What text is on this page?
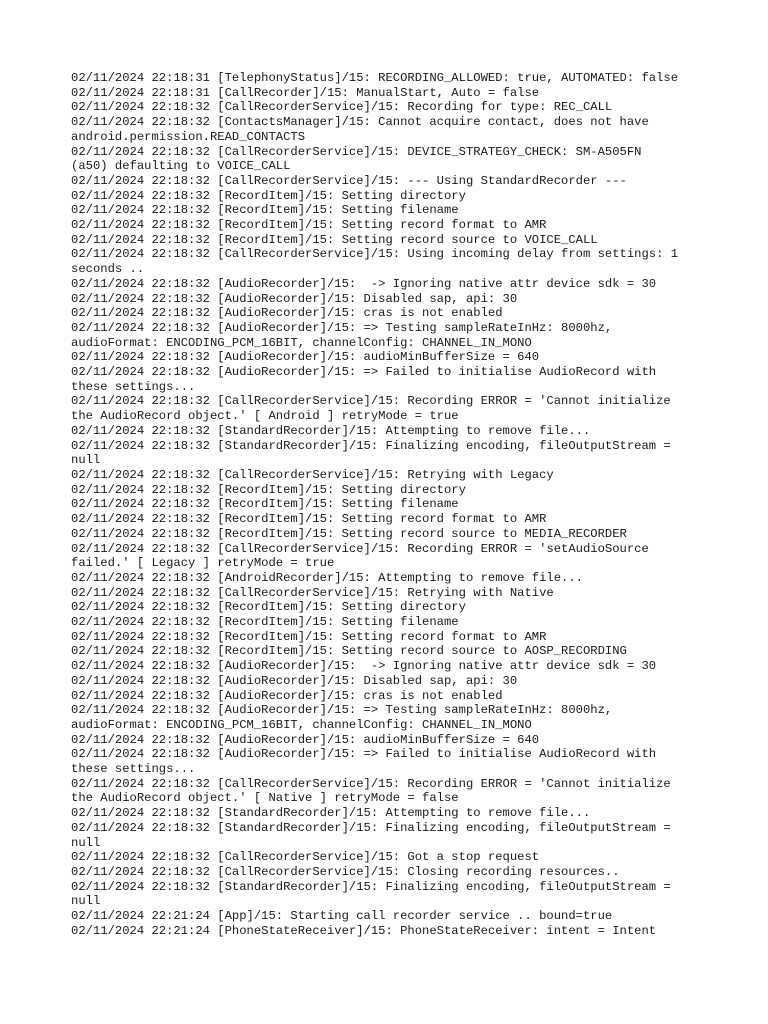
02/11/2024 22:18:31 [TelephonyStatus]/15: RECORDING_ALLOWED: true, AUTOMATED: false
02/11/2024 22:18:31 [CallRecorder]/15: ManualStart, Auto = false
02/11/2024 22:18:32 [CallRecorderService]/15: Recording for type: REC_CALL
02/11/2024 22:18:32 [ContactsManager]/15: Cannot acquire contact, does not have
android.permission.READ_CONTACTS
02/11/2024 22:18:32 [CallRecorderService]/15: DEVICE_STRATEGY_CHECK: SM-A505FN
(a50) defaulting to VOICE_CALL
02/11/2024 22:18:32 [CallRecorderService]/15: --- Using StandardRecorder ---
02/11/2024 22:18:32 [RecordItem]/15: Setting directory
02/11/2024 22:18:32 [RecordItem]/15: Setting filename
02/11/2024 22:18:32 [RecordItem]/15: Setting record format to AMR
02/11/2024 22:18:32 [RecordItem]/15: Setting record source to VOICE_CALL
02/11/2024 22:18:32 [CallRecorderService]/15: Using incoming delay from settings: 1
seconds ..
02/11/2024 22:18:32 [AudioRecorder]/15:  -> Ignoring native attr device sdk = 30
02/11/2024 22:18:32 [AudioRecorder]/15: Disabled sap, api: 30
02/11/2024 22:18:32 [AudioRecorder]/15: cras is not enabled
02/11/2024 22:18:32 [AudioRecorder]/15: => Testing sampleRateInHz: 8000hz,
audioFormat: ENCODING_PCM_16BIT, channelConfig: CHANNEL_IN_MONO
02/11/2024 22:18:32 [AudioRecorder]/15: audioMinBufferSize = 640
02/11/2024 22:18:32 [AudioRecorder]/15: => Failed to initialise AudioRecord with
these settings...
02/11/2024 22:18:32 [CallRecorderService]/15: Recording ERROR = 'Cannot initialize
the AudioRecord object.' [ Android ] retryMode = true
02/11/2024 22:18:32 [StandardRecorder]/15: Attempting to remove file...
02/11/2024 22:18:32 [StandardRecorder]/15: Finalizing encoding, fileOutputStream =
null
02/11/2024 22:18:32 [CallRecorderService]/15: Retrying with Legacy
02/11/2024 22:18:32 [RecordItem]/15: Setting directory
02/11/2024 22:18:32 [RecordItem]/15: Setting filename
02/11/2024 22:18:32 [RecordItem]/15: Setting record format to AMR
02/11/2024 22:18:32 [RecordItem]/15: Setting record source to MEDIA_RECORDER
02/11/2024 22:18:32 [CallRecorderService]/15: Recording ERROR = 'setAudioSource
failed.' [ Legacy ] retryMode = true
02/11/2024 22:18:32 [AndroidRecorder]/15: Attempting to remove file...
02/11/2024 22:18:32 [CallRecorderService]/15: Retrying with Native
02/11/2024 22:18:32 [RecordItem]/15: Setting directory
02/11/2024 22:18:32 [RecordItem]/15: Setting filename
02/11/2024 22:18:32 [RecordItem]/15: Setting record format to AMR
02/11/2024 22:18:32 [RecordItem]/15: Setting record source to AOSP_RECORDING
02/11/2024 22:18:32 [AudioRecorder]/15:  -> Ignoring native attr device sdk = 30
02/11/2024 22:18:32 [AudioRecorder]/15: Disabled sap, api: 30
02/11/2024 22:18:32 [AudioRecorder]/15: cras is not enabled
02/11/2024 22:18:32 [AudioRecorder]/15: => Testing sampleRateInHz: 8000hz,
audioFormat: ENCODING_PCM_16BIT, channelConfig: CHANNEL_IN_MONO
02/11/2024 22:18:32 [AudioRecorder]/15: audioMinBufferSize = 640
02/11/2024 22:18:32 [AudioRecorder]/15: => Failed to initialise AudioRecord with
these settings...
02/11/2024 22:18:32 [CallRecorderService]/15: Recording ERROR = 'Cannot initialize
the AudioRecord object.' [ Native ] retryMode = false
02/11/2024 22:18:32 [StandardRecorder]/15: Attempting to remove file...
02/11/2024 22:18:32 [StandardRecorder]/15: Finalizing encoding, fileOutputStream =
null
02/11/2024 22:18:32 [CallRecorderService]/15: Got a stop request
02/11/2024 22:18:32 [CallRecorderService]/15: Closing recording resources..
02/11/2024 22:18:32 [StandardRecorder]/15: Finalizing encoding, fileOutputStream =
null
02/11/2024 22:21:24 [App]/15: Starting call recorder service .. bound=true
02/11/2024 22:21:24 [PhoneStateReceiver]/15: PhoneStateReceiver: intent = Intent
